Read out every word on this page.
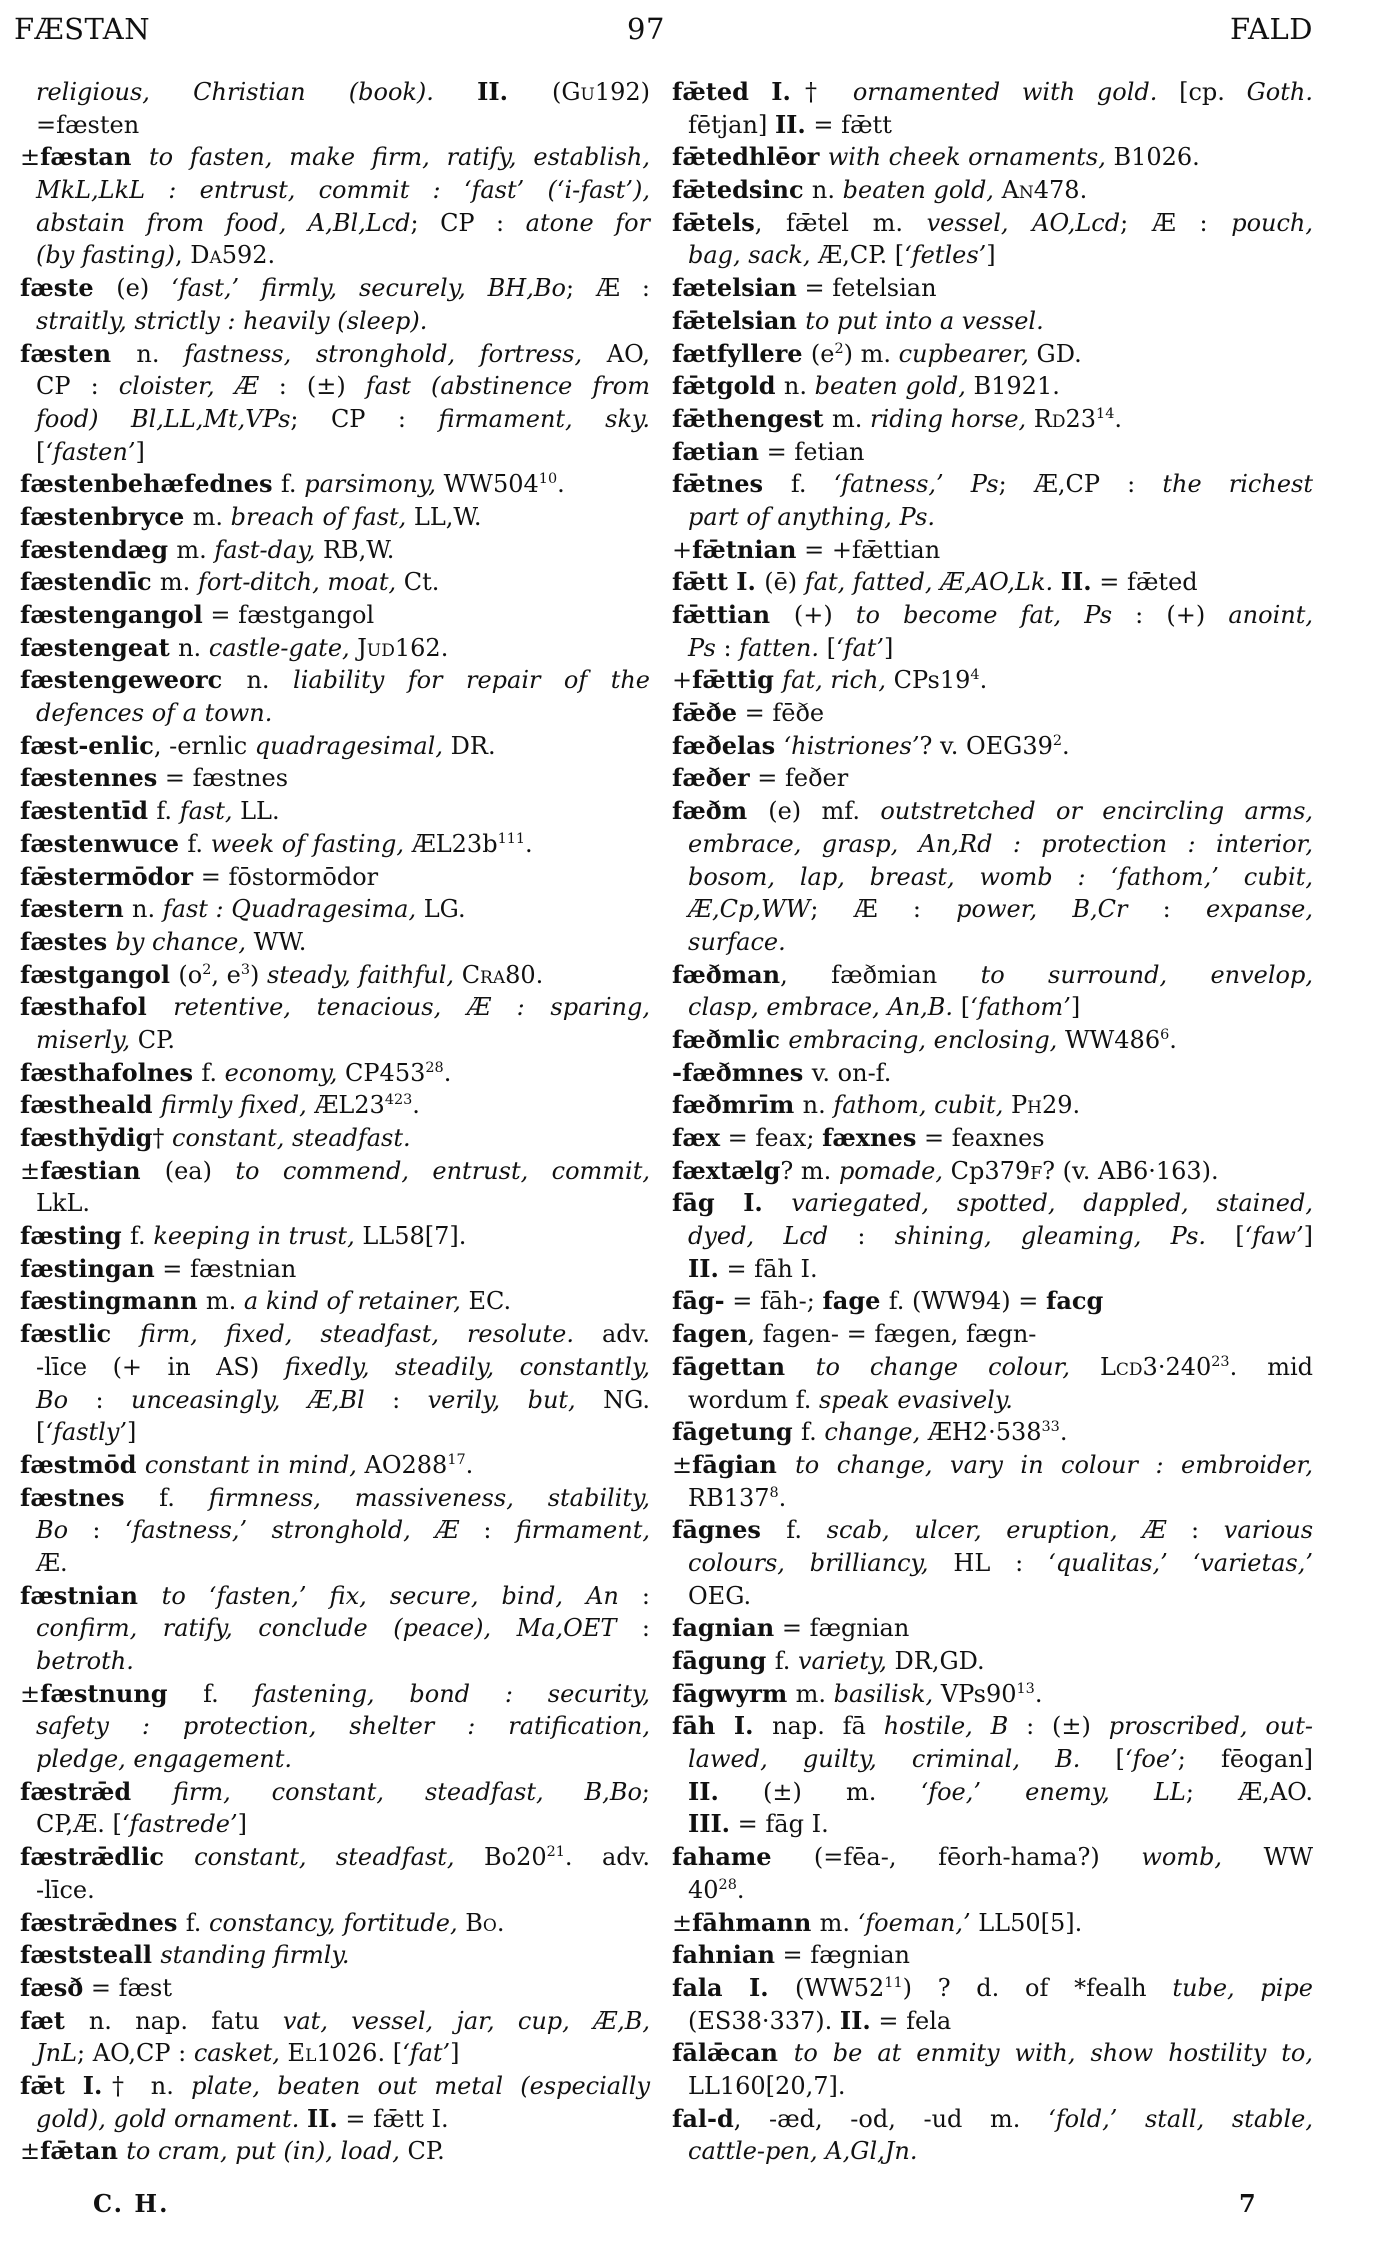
FÆSTAN	97	FALD
religious, Christian (book). II. (Gu192)
=fæsten
±fæstan to fasten, make firm, ratify, establish,
MkL,LkL : entrust, commit : ‘fast’ (‘i-fast’),
abstain from food, A,Bl,Lcd; CP : atone for
(by fasting), Da592.
fæste (e) ‘fast,’ firmly, securely, BH,Bo; Æ :
straitly, strictly : heavily (sleep).
fæsten n. fastness, stronghold, fortress, AO,
CP : cloister, Æ : (±) fast (abstinence from
food) Bl,LL,Mt,VPs; CP : firmament, sky.
[‘fasten’]
fæstenbehæfednes f. parsimony, $WW504^{10}$.
fæstenbryce m. breach of fast, LL,W.
fæstendæg m. fast-day, RB,W.
fæstendīc m. fort-ditch, moat, Ct.
fæstengangol = fæstgangol
fæstengeat n. castle-gate, Jud162.
fæstengeweorc n. liability for repair of the
defences of a town.
fæst-enlic, -ernlic quadragesimal, DR.
fæstennes = fæstnes
fæstentīd f. fast, LL.
fæstenwuce f. week of fasting, $ÆL23b^{111}$.
fǣstermōdor = fōstormōdor
fæstern n. fast : Quadragesima, LG.
fæstes by chance, WW.
fæstgangol ($o^2$, $e^3$) steady, faithful, Cra80.
fæsthafol retentive, tenacious, Æ : sparing,
miserly, CP.
fæsthafolnes f. economy, $CP453^{28}$.
fæstheald firmly fixed, $ÆL23^{423}$.
fæsthȳdig† constant, steadfast.
±fæstian (ea) to commend, entrust, commit,
LkL.
fæsting f. keeping in trust, LL58[7].
fæstingan = fæstnian
fæstingmann m. a kind of retainer, EC.
fæstlic firm, fixed, steadfast, resolute. adv.
-līce (+ in AS) fixedly, steadily, constantly,
Bo : unceasingly, Æ,Bl : verily, but, NG.
[‘fastly’]
fæstmōd constant in mind, $AO288^{17}$.
fæstnes f. firmness, massiveness, stability,
Bo : ‘fastness,’ stronghold, Æ : firmament,
Æ.
fæstnian to ‘fasten,’ fix, secure, bind, An :
confirm, ratify, conclude (peace), Ma,OET :
betroth.
±fæstnung f. fastening, bond : security,
safety : protection, shelter : ratification,
pledge, engagement.
fæstrǣd firm, constant, steadfast, B,Bo;
CP,Æ. [‘fastrede’]
fæstrǣdlic constant, steadfast, $Bo20^{21}$. adv.
-līce.
fæstrǣdnes f. constancy, fortitude, Bo.
fæststeall standing firmly.
fæsð = fæst
fæt n. nap. fatu vat, vessel, jar, cup, Æ,B,
JnL; AO,CP : casket, El1026. [‘fat’]
fǣt I.† n. plate, beaten out metal (especially
gold), gold ornament. II. = fǣtt I.
±fǣtan to cram, put (in), load, CP.
fǣted I.† ornamented with gold. [cp. Goth.
fētjan] II. = fǣtt
fǣtedhlēor with cheek ornaments, B1026.
fǣtedsinc n. beaten gold, An478.
fǣtels, fǣtel m. vessel, AO,Lcd; Æ : pouch,
bag, sack, Æ,CP. [‘fetles’]
fætelsian = fetelsian
fǣtelsian to put into a vessel.
fætfyllere $(e^2)$ m. cupbearer, GD.
fǣtgold n. beaten gold, B1921.
fǣthengest m. riding horse, $Rd23^{14}$.
fætian = fetian
fǣtnes f. ‘fatness,’ Ps; Æ,CP : the richest
part of anything, Ps.
+fǣtnian = +fǣttian
fǣtt I. (ē) fat, fatted, Æ,AO,Lk. II. = fǣted
fǣttian (+) to become fat, Ps : (+) anoint,
Ps : fatten. [‘fat’]
+fǣttig fat, rich, $CPs19^4$.
fǣðe = fēðe
fæðelas ‘histriones’? v. $OEG39^2$.
fæðer = feðer
fæðm (e) mf. outstretched or encircling arms,
embrace, grasp, An,Rd : protection : interior,
bosom, lap, breast, womb : ‘fathom,’ cubit,
Æ,Cp,WW; Æ : power, B,Cr : expanse,
surface.
fæðman, fæðmian to surround, envelop,
clasp, embrace, An,B. [‘fathom’]
fæðmlic embracing, enclosing, $WW486^6$.
-fæðmnes v. on-f.
fæðmrīm n. fathom, cubit, Ph29.
fæx = feax; fæxnes = feaxnes
fæxtælg? m. pomade, Cp379F? (v. AB6·163).
fāg I. variegated, spotted, dappled, stained,
dyed, Lcd : shining, gleaming, Ps. [‘faw’]
II. = fāh I.
fāg- = fāh-; fage f. (WW94) = facg
fagen, fagen- = fægen, fægn-
fāgettan to change colour, $Lcd3\cdot 240^{23}$. mid
wordum f. speak evasively.
fāgetung f. change, $ÆH2\cdot 538^{33}$.
±fāgian to change, vary in colour : embroider,
$RB137^8$.
fāgnes f. scab, ulcer, eruption, Æ : various
colours, brilliancy, HL : ‘qualitas,’ ‘varietas,’
OEG.
fagnian = fægnian
fāgung f. variety, DR,GD.
fāgwyrm m. basilisk, $VPs90^{13}$.
fāh I. nap. fā hostile, B : (±) proscribed, out-
lawed, guilty, criminal, B. [‘foe’; fēogan]
II. (±) m. ‘foe,’ enemy, LL; Æ,AO.
III. = fāg I.
fahame (=fēa-, fēorh-hama?) womb, WW
$40^{28}$.
±fāhmann m. ‘foeman,’ LL50[5].
fahnian = fægnian
fala I. $(WW52^{11})$ ? d. of *fealh tube, pipe
(ES38·337). II. = fela
fālǣcan to be at enmity with, show hostility to,
LL160[20,7].
fal-d, -æd, -od, -ud m. ‘fold,’ stall, stable,
cattle-pen, A,Gl,Jn.
C. H.	7
